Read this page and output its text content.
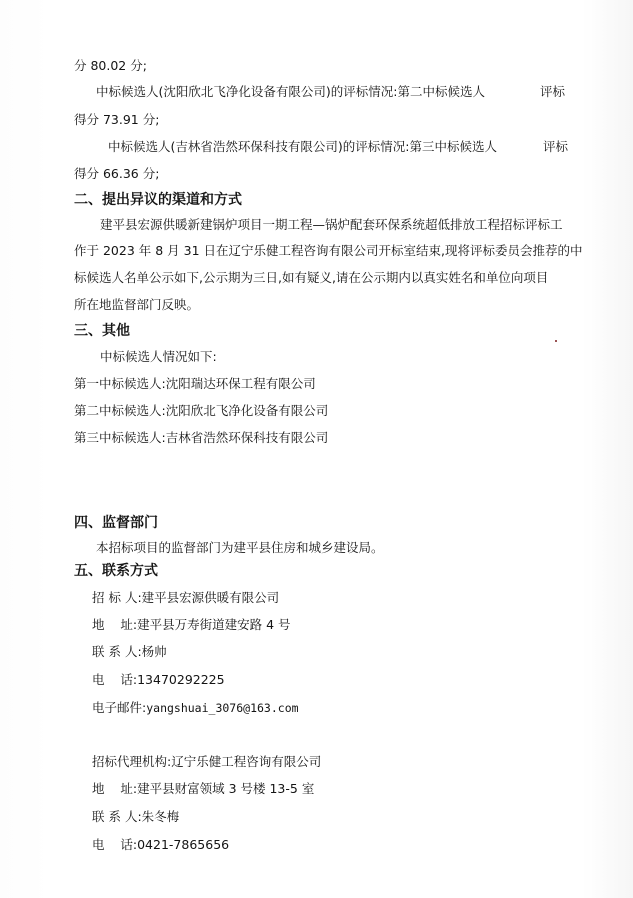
分 80.02 分;
中标候选人(沈阳欣北飞净化设备有限公司)的评标情况:第二中标候选人	评标
得分 73.91 分;
中标候选人(吉林省浩然环保科技有限公司)的评标情况:第三中标候选人	评标
得分 66.36 分;
二、提出异议的渠道和方式
建平县宏源供暖新建锅炉项目一期工程—锅炉配套环保系统超低排放工程招标评标工
作于 2023 年 8 月 31 日在辽宁乐健工程咨询有限公司开标室结束,现将评标委员会推荐的中
标候选人名单公示如下,公示期为三日,如有疑义,请在公示期内以真实姓名和单位向项目
所在地监督部门反映。
三、其他
中标候选人情况如下:
第一中标候选人:沈阳瑞达环保工程有限公司
第二中标候选人:沈阳欣北飞净化设备有限公司
第三中标候选人:吉林省浩然环保科技有限公司
四、监督部门
本招标项目的监督部门为建平县住房和城乡建设局。
五、联系方式
招 标 人:建平县宏源供暖有限公司
地    址:建平县万寿街道建安路 4 号
联 系 人:杨帅
电    话:13470292225
电子邮件:yangshuai_3076@163.com
招标代理机构:辽宁乐健工程咨询有限公司
地    址:建平县财富领域 3 号楼 13-5 室
联 系 人:朱冬梅
电    话:0421-7865656
